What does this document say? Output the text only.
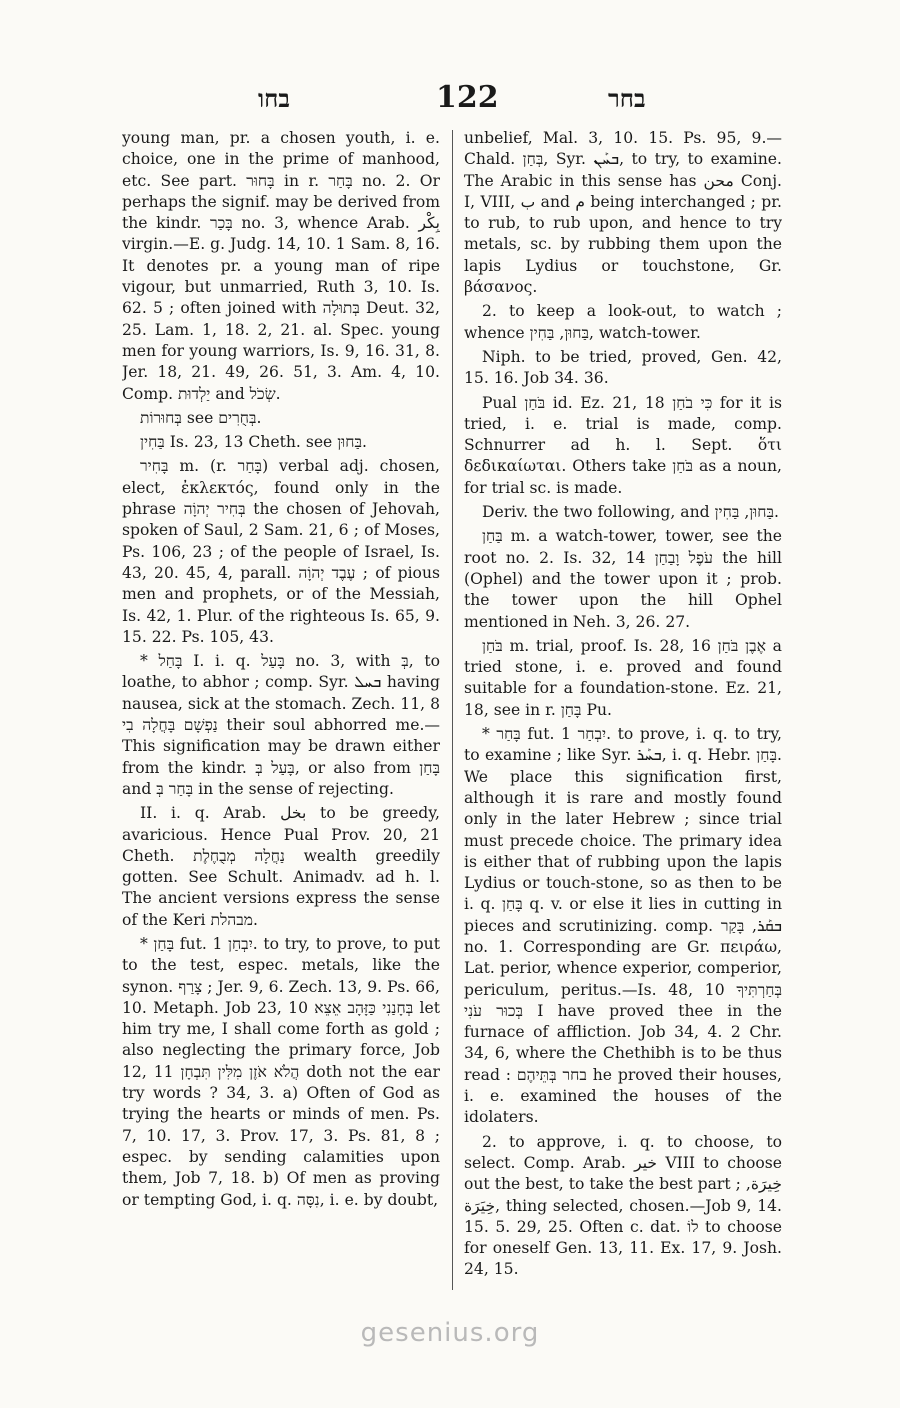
בחו	122	בחר

young man, pr. a chosen youth, i. e. choice, one in the prime of manhood, etc. See part. בָּחוּר in r. בָּחַר no. 2. Or perhaps the signif. may be derived from the kindr. בָּכַר no. 3, whence Arab. بِكْر virgin.—E. g. Judg. 14, 10. 1 Sam. 8, 16. It denotes pr. a young man of ripe vigour, but unmarried, Ruth 3, 10. Is. 62. 5 ; often joined with בְּתוּלָה Deut. 32, 25. Lam. 1, 18. 2, 21. al. Spec. young men for young warriors, Is. 9, 16. 31, 8. Jer. 18, 21. 49, 26. 51, 3. Am. 4, 10. Comp. יַלְדוּת and שְׂכֹל.

בְּחוּרוֹת see בְּחֻרִים.

בַּחִין Is. 23, 13 Cheth. see בַּחוּן.

בָּחִיר m. (r. בָּחַר) verbal adj. chosen, elect, ἐκλεκτός, found only in the phrase בְּחִיר יְהוָֹה the chosen of Jehovah, spoken of Saul, 2 Sam. 21, 6 ; of Moses, Ps. 106, 23 ; of the people of Israel, Is. 43, 20. 45, 4, parall. עֶבֶד יְהוָֹה ; of pious men and prophets, or of the Messiah, Is. 42, 1. Plur. of the righteous Is. 65, 9. 15. 22. Ps. 105, 43.

* בָּחַל I. i. q. בָּעַל no. 3, with בְּ, to loathe, to abhor ; comp. Syr. ܒܚܠ having nausea, sick at the stomach. Zech. 11, 8 נַפְשָׁם בָּחֲלָה בִי their soul abhorred me.—This signification may be drawn either from the kindr. בָּעַל בְּ, or also from בָּחַן and בָּחַר בְּ in the sense of rejecting.

II. i. q. Arab. بخل to be greedy, avaricious. Hence Pual Prov. 20, 21 Cheth. נַחֲלָה מְבֻחֶלֶת wealth greedily gotten. See Schult. Animadv. ad h. l. The ancient versions express the sense of the Keri מבהלת.

* בָּחַן fut. יִבְחַן 1. to try, to prove, to put to the test, espec. metals, like the synon. צָרַף ; Jer. 9, 6. Zech. 13, 9. Ps. 66, 10. Metaph. Job 23, 10 בְּחָנַנִי כַּזָּהָב אֵצֵא let him try me, I shall come forth as gold ; also neglecting the primary force, Job 12, 11 הֲלֹא אֹזֶן מִלִּין תִּבְחָן doth not the ear try words ? 34, 3. a) Often of God as trying the hearts or minds of men. Ps. 7, 10. 17, 3. Prov. 17, 3. Ps. 81, 8 ; espec. by sending calamities upon them, Job 7, 18. b) Of men as proving or tempting God, i. q. נִסָּה, i. e. by doubt,

unbelief, Mal. 3, 10. 15. Ps. 95, 9.— Chald. בְּחַן, Syr. ܒܚܰܢ, to try, to examine. The Arabic in this sense has محن Conj. I, VIII, ب and م being interchanged ; pr. to rub, to rub upon, and hence to try metals, sc. by rubbing them upon the lapis Lydius or touchstone, Gr. βάσανος.

2. to keep a look-out, to watch ; whence בַּחוּן, בַּחִין, watch-tower.

Niph. to be tried, proved, Gen. 42, 15. 16. Job 34. 36.

Pual בֹּחַן id. Ez. 21, 18 כִּי בֹחַן for it is tried, i. e. trial is made, comp. Schnurrer ad h. l. Sept. ὅτι δεδικαίωται. Others take בֹּחַן as a noun, for trial sc. is made.

Deriv. the two following, and בַּחוּן, בַּחִין.

בַּחַן m. a watch-tower, tower, see the root no. 2. Is. 32, 14 עֹפֶל וָבַחַן the hill (Ophel) and the tower upon it ; prob. the tower upon the hill Ophel mentioned in Neh. 3, 26. 27.

בֹּחַן m. trial, proof. Is. 28, 16 אֶבֶן בֹּחַן a tried stone, i. e. proved and found suitable for a foundation-stone. Ez. 21, 18, see in r. בָּחַן Pu.

* בָּחַר fut. יִבְחַר 1. to prove, i. q. to try, to examine ; like Syr. ܒܚܰܪ, i. q. Hebr. בָּחַן. We place this signification first, although it is rare and mostly found only in the later Hebrew ; since trial must precede choice. The primary idea is either that of rubbing upon the lapis Lydius or touch-stone, so as then to be i. q. בָּחַן q. v. or else it lies in cutting in pieces and scrutinizing. comp. ܒܩܰܪ, בָּקַר no. 1. Corresponding are Gr. πειράω, Lat. perior, whence experior, comperior, periculum, peritus.—Is. 48, 10 בְּחַרְתִּיךָ בְּכוּר עֹנִי I have proved thee in the furnace of affliction. Job 34, 4. 2 Chr. 34, 6, where the Chethibh is to be thus read : בחר בְּתֵּיהֶם he proved their houses, i. e. examined the houses of the idolaters.

2. to approve, i. q. to choose, to select. Comp. Arab. خير VIII to choose out the best, to take the best part ; خِيرَة, خِيَرَة, thing selected, chosen.—Job 9, 14. 15. 5. 29, 25. Often c. dat. לוֹ to choose for oneself Gen. 13, 11. Ex. 17, 9. Josh. 24, 15.

gesenius.org
